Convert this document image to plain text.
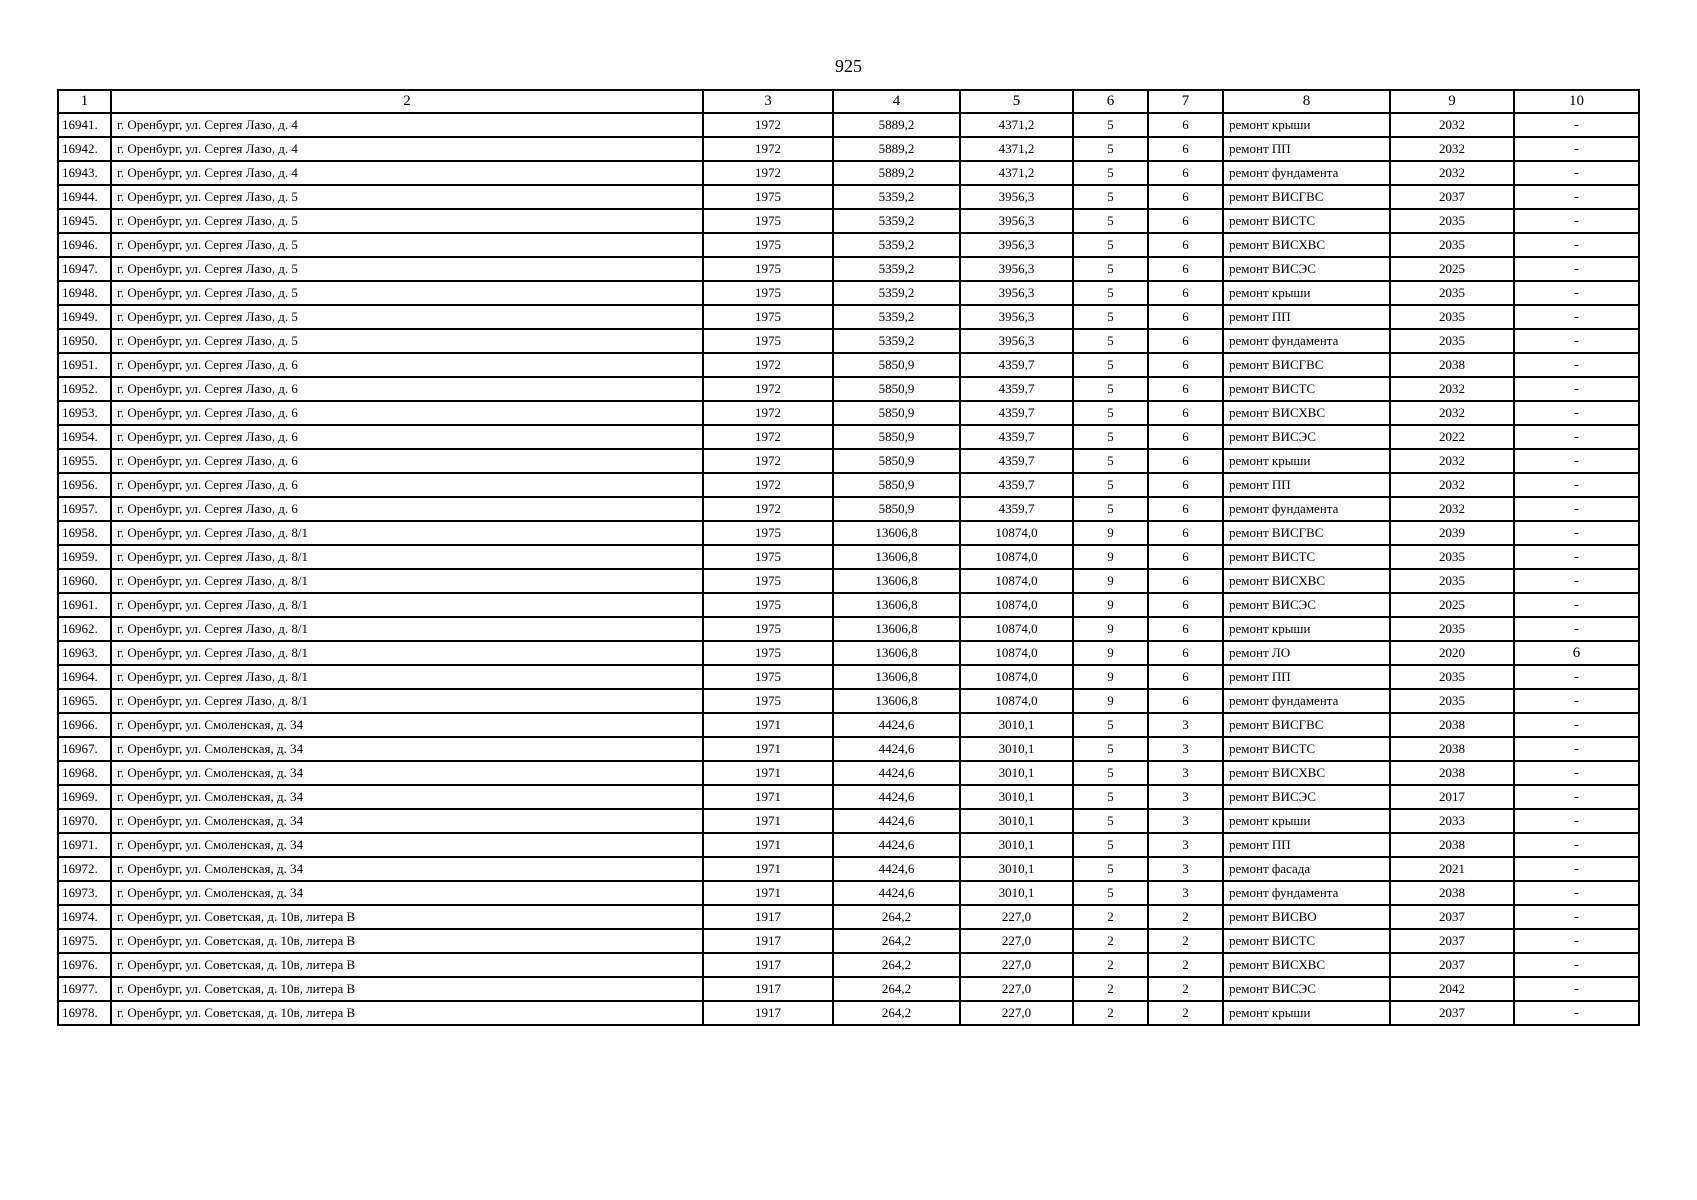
925
1	2	3	4	5	6	7	8	9	10
16941.	г. Оренбург, ул. Сергея Лазо, д. 4	1972	5889,2	4371,2	5	6	ремонт крыши	2032	-
16942.	г. Оренбург, ул. Сергея Лазо, д. 4	1972	5889,2	4371,2	5	6	ремонт ПП	2032	-
16943.	г. Оренбург, ул. Сергея Лазо, д. 4	1972	5889,2	4371,2	5	6	ремонт фундамента	2032	-
16944.	г. Оренбург, ул. Сергея Лазо, д. 5	1975	5359,2	3956,3	5	6	ремонт ВИСГВС	2037	-
16945.	г. Оренбург, ул. Сергея Лазо, д. 5	1975	5359,2	3956,3	5	6	ремонт ВИСТС	2035	-
16946.	г. Оренбург, ул. Сергея Лазо, д. 5	1975	5359,2	3956,3	5	6	ремонт ВИСХВС	2035	-
16947.	г. Оренбург, ул. Сергея Лазо, д. 5	1975	5359,2	3956,3	5	6	ремонт ВИСЭС	2025	-
16948.	г. Оренбург, ул. Сергея Лазо, д. 5	1975	5359,2	3956,3	5	6	ремонт крыши	2035	-
16949.	г. Оренбург, ул. Сергея Лазо, д. 5	1975	5359,2	3956,3	5	6	ремонт ПП	2035	-
16950.	г. Оренбург, ул. Сергея Лазо, д. 5	1975	5359,2	3956,3	5	6	ремонт фундамента	2035	-
16951.	г. Оренбург, ул. Сергея Лазо, д. 6	1972	5850,9	4359,7	5	6	ремонт ВИСГВС	2038	-
16952.	г. Оренбург, ул. Сергея Лазо, д. 6	1972	5850,9	4359,7	5	6	ремонт ВИСТС	2032	-
16953.	г. Оренбург, ул. Сергея Лазо, д. 6	1972	5850,9	4359,7	5	6	ремонт ВИСХВС	2032	-
16954.	г. Оренбург, ул. Сергея Лазо, д. 6	1972	5850,9	4359,7	5	6	ремонт ВИСЭС	2022	-
16955.	г. Оренбург, ул. Сергея Лазо, д. 6	1972	5850,9	4359,7	5	6	ремонт крыши	2032	-
16956.	г. Оренбург, ул. Сергея Лазо, д. 6	1972	5850,9	4359,7	5	6	ремонт ПП	2032	-
16957.	г. Оренбург, ул. Сергея Лазо, д. 6	1972	5850,9	4359,7	5	6	ремонт фундамента	2032	-
16958.	г. Оренбург, ул. Сергея Лазо, д. 8/1	1975	13606,8	10874,0	9	6	ремонт ВИСГВС	2039	-
16959.	г. Оренбург, ул. Сергея Лазо, д. 8/1	1975	13606,8	10874,0	9	6	ремонт ВИСТС	2035	-
16960.	г. Оренбург, ул. Сергея Лазо, д. 8/1	1975	13606,8	10874,0	9	6	ремонт ВИСХВС	2035	-
16961.	г. Оренбург, ул. Сергея Лазо, д. 8/1	1975	13606,8	10874,0	9	6	ремонт ВИСЭС	2025	-
16962.	г. Оренбург, ул. Сергея Лазо, д. 8/1	1975	13606,8	10874,0	9	6	ремонт крыши	2035	-
16963.	г. Оренбург, ул. Сергея Лазо, д. 8/1	1975	13606,8	10874,0	9	6	ремонт ЛО	2020	6
16964.	г. Оренбург, ул. Сергея Лазо, д. 8/1	1975	13606,8	10874,0	9	6	ремонт ПП	2035	-
16965.	г. Оренбург, ул. Сергея Лазо, д. 8/1	1975	13606,8	10874,0	9	6	ремонт фундамента	2035	-
16966.	г. Оренбург, ул. Смоленская, д. 34	1971	4424,6	3010,1	5	3	ремонт ВИСГВС	2038	-
16967.	г. Оренбург, ул. Смоленская, д. 34	1971	4424,6	3010,1	5	3	ремонт ВИСТС	2038	-
16968.	г. Оренбург, ул. Смоленская, д. 34	1971	4424,6	3010,1	5	3	ремонт ВИСХВС	2038	-
16969.	г. Оренбург, ул. Смоленская, д. 34	1971	4424,6	3010,1	5	3	ремонт ВИСЭС	2017	-
16970.	г. Оренбург, ул. Смоленская, д. 34	1971	4424,6	3010,1	5	3	ремонт крыши	2033	-
16971.	г. Оренбург, ул. Смоленская, д. 34	1971	4424,6	3010,1	5	3	ремонт ПП	2038	-
16972.	г. Оренбург, ул. Смоленская, д. 34	1971	4424,6	3010,1	5	3	ремонт фасада	2021	-
16973.	г. Оренбург, ул. Смоленская, д. 34	1971	4424,6	3010,1	5	3	ремонт фундамента	2038	-
16974.	г. Оренбург, ул. Советская, д. 10в, литера В	1917	264,2	227,0	2	2	ремонт ВИСВО	2037	-
16975.	г. Оренбург, ул. Советская, д. 10в, литера В	1917	264,2	227,0	2	2	ремонт ВИСТС	2037	-
16976.	г. Оренбург, ул. Советская, д. 10в, литера В	1917	264,2	227,0	2	2	ремонт ВИСХВС	2037	-
16977.	г. Оренбург, ул. Советская, д. 10в, литера В	1917	264,2	227,0	2	2	ремонт ВИСЭС	2042	-
16978.	г. Оренбург, ул. Советская, д. 10в, литера В	1917	264,2	227,0	2	2	ремонт крыши	2037	-
